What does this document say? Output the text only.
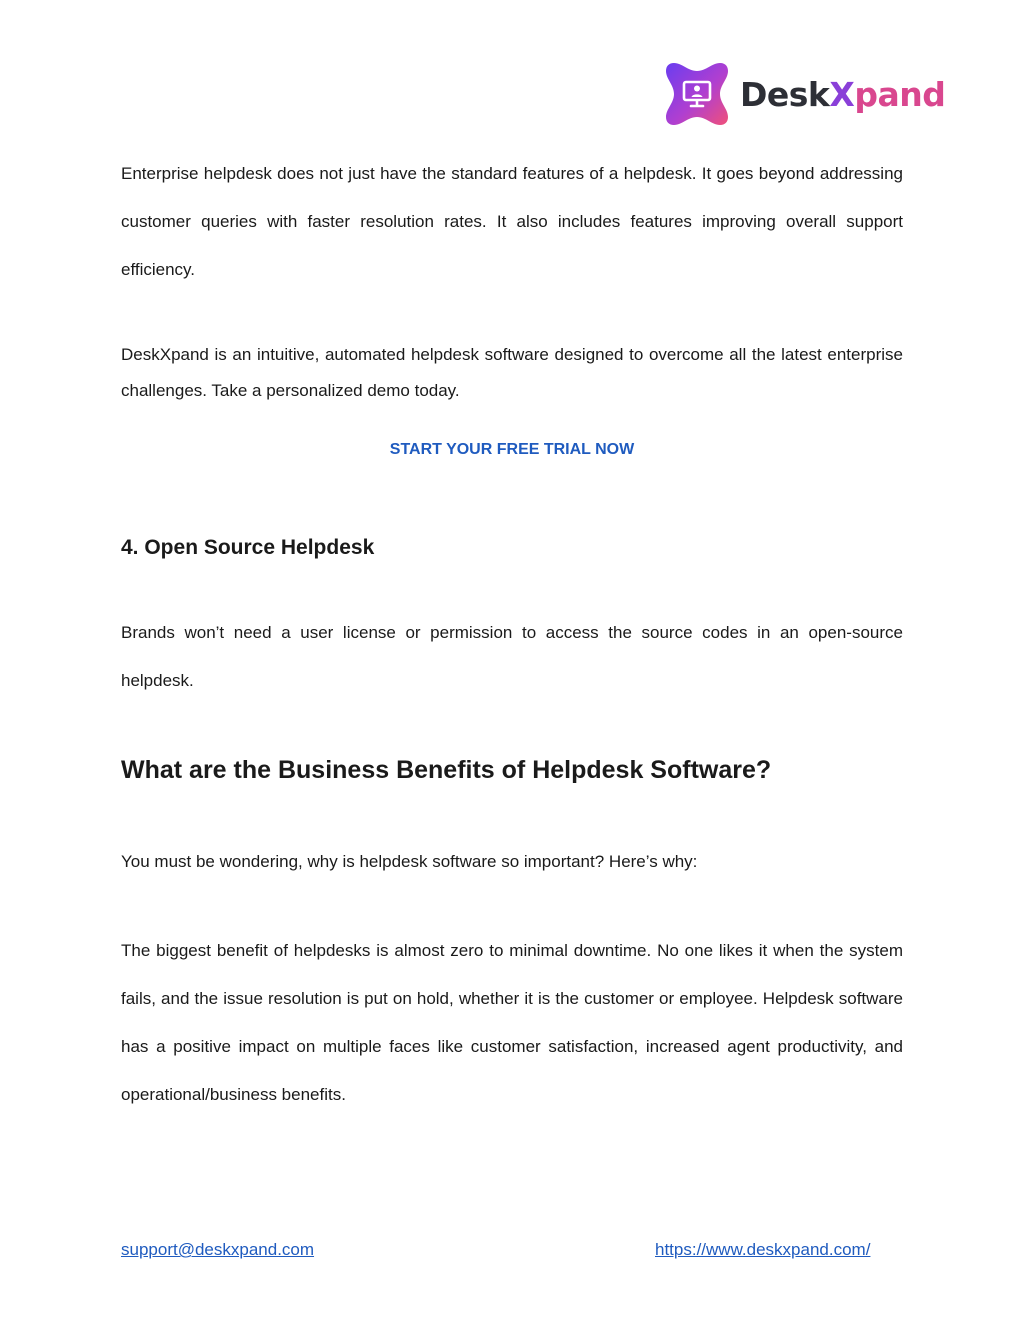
DeskXpand

Enterprise helpdesk does not just have the standard features of a helpdesk. It goes beyond addressing customer queries with faster resolution rates. It also includes features improving overall support efficiency.

DeskXpand is an intuitive, automated helpdesk software designed to overcome all the latest enterprise challenges. Take a personalized demo today.

START YOUR FREE TRIAL NOW
4. Open Source Helpdesk

Brands won’t need a user license or permission to access the source codes in an open-source helpdesk.

What are the Business Benefits of Helpdesk Software?

You must be wondering, why is helpdesk software so important? Here’s why:

The biggest benefit of helpdesks is almost zero to minimal downtime. No one likes it when the system fails, and the issue resolution is put on hold, whether it is the customer or employee. Helpdesk software has a positive impact on multiple faces like customer satisfaction, increased agent productivity, and operational/business benefits.

support@deskxpand.com	https://www.deskxpand.com/
